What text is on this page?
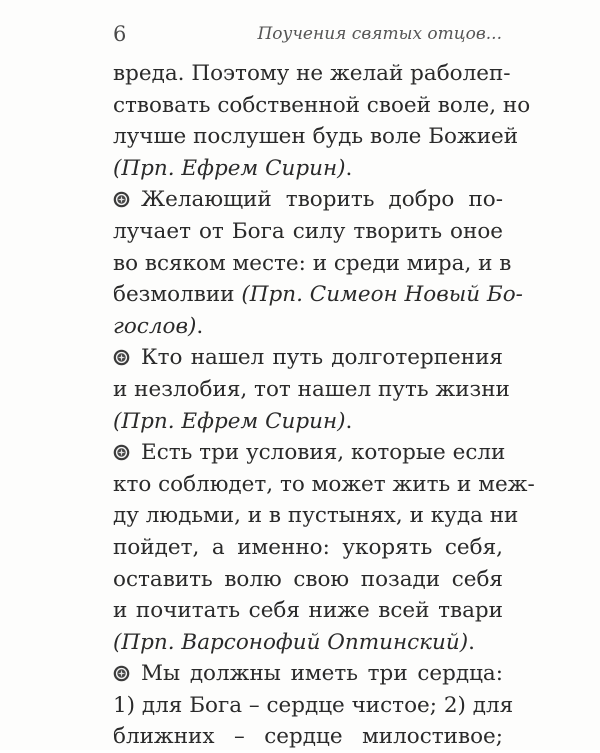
6	Поучения святых отцов...
вреда. Поэтому не желай раболеп-
ствовать собственной своей воле, но
лучше послушен будь воле Божией
(Прп. Ефрем Сирин).
Желающий творить добро по-
лучает от Бога силу творить оное
во всяком месте: и среди мира, и в
безмолвии (Прп. Симеон Новый Бо-
гослов).
Кто нашел путь долготерпения
и незлобия, тот нашел путь жизни
(Прп. Ефрем Сирин).
Есть три условия, которые если
кто соблюдет, то может жить и меж-
ду людьми, и в пустынях, и куда ни
пойдет, а именно: укорять себя,
оставить волю свою позади себя
и почитать себя ниже всей твари
(Прп. Варсонофий Оптинский).
Мы должны иметь три сердца:
1) для Бога – сердце чистое; 2) для
ближних – сердце милостивое;
